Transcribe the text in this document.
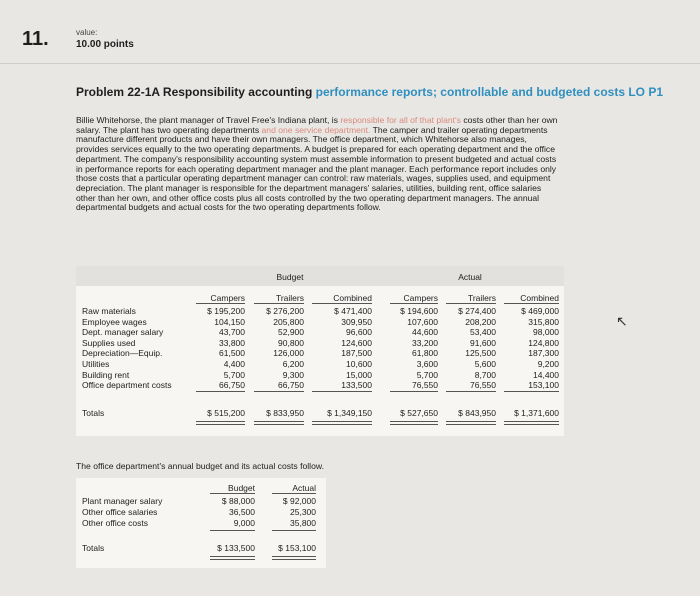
11.	value:
10.00 points
Problem 22-1A Responsibility accounting performance reports; controllable and budgeted costs LO P1
Billie Whitehorse, the plant manager of Travel Free's Indiana plant, is responsible for all of that plant's costs other than her own salary. The plant has two operating departments and one service department. The camper and trailer operating departments manufacture different products and have their own managers. The office department, which Whitehorse also manages, provides services equally to the two operating departments. A budget is prepared for each operating department and the office department. The company's responsibility accounting system must assemble information to present budgeted and actual costs in performance reports for each operating department manager and the plant manager. Each performance report includes only those costs that a particular operating department manager can control: raw materials, wages, supplies used, and equipment depreciation. The plant manager is responsible for the department managers' salaries, utilities, building rent, office salaries other than her own, and other office costs plus all costs controlled by the two operating department managers. The annual departmental budgets and actual costs for the two operating departments follow.
Budget	Actual
Campers	Trailers	Combined	Campers	Trailers	Combined
Raw materials	$ 195,200	$ 276,200	$ 471,400	$ 194,600	$ 274,400	$ 469,000
Employee wages	104,150	205,800	309,950	107,600	208,200	315,800
Dept. manager salary	43,700	52,900	96,600	44,600	53,400	98,000
Supplies used	33,800	90,800	124,600	33,200	91,600	124,800
Depreciation—Equip.	61,500	126,000	187,500	61,800	125,500	187,300
Utilities	4,400	6,200	10,600	3,600	5,600	9,200
Building rent	5,700	9,300	15,000	5,700	8,700	14,400
Office department costs	66,750	66,750	133,500	76,550	76,550	153,100
Totals	$ 515,200	$ 833,950	$ 1,349,150	$ 527,650	$ 843,950	$ 1,371,600
↖
The office department's annual budget and its actual costs follow.
Budget	Actual
Plant manager salary	$ 88,000	$ 92,000
Other office salaries	36,500	25,300
Other office costs	9,000	35,800
Totals	$ 133,500	$ 153,100
